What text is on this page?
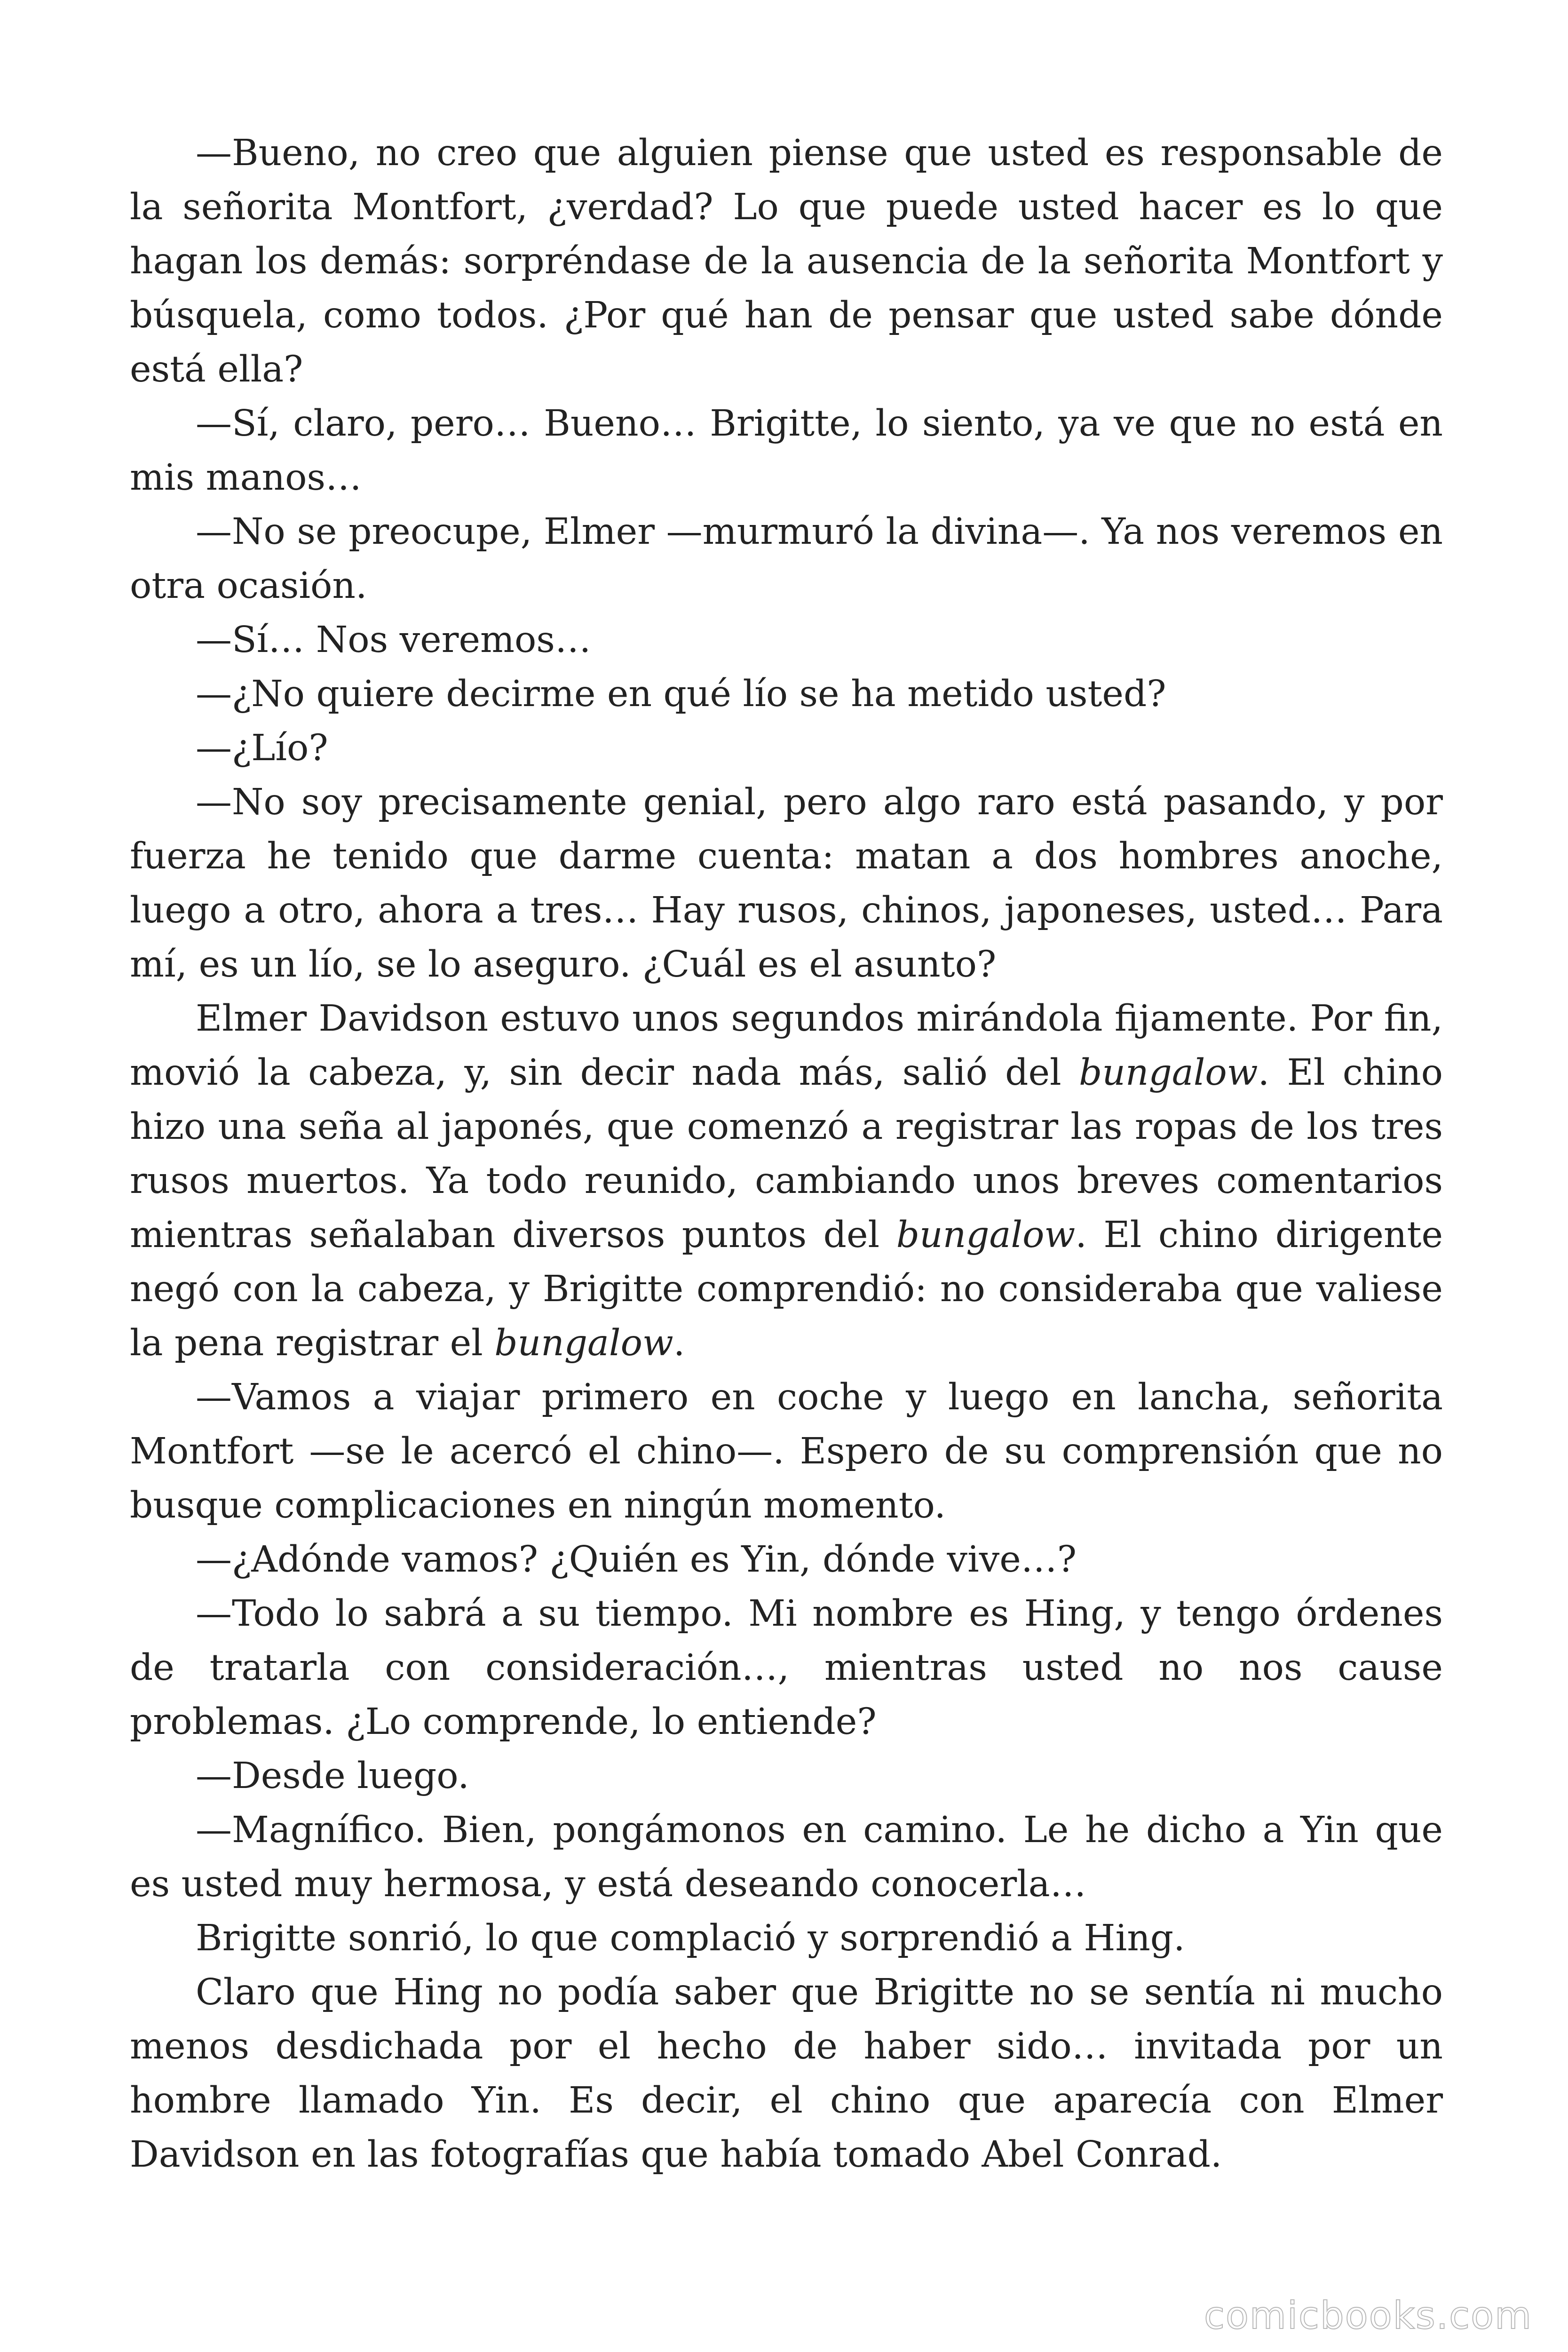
—Bueno, no creo que alguien piense que usted es responsable de la señorita Montfort, ¿verdad? Lo que puede usted hacer es lo que hagan los demás: sorpréndase de la ausencia de la señorita Montfort y búsquela, como todos. ¿Por qué han de pensar que usted sabe dónde está ella?

—Sí, claro, pero… Bueno… Brigitte, lo siento, ya ve que no está en mis manos…

—No se preocupe, Elmer —murmuró la divina—. Ya nos veremos en otra ocasión.

—Sí… Nos veremos…

—¿No quiere decirme en qué lío se ha metido usted?

—¿Lío?

—No soy precisamente genial, pero algo raro está pasando, y por fuerza he tenido que darme cuenta: matan a dos hombres anoche, luego a otro, ahora a tres… Hay rusos, chinos, japoneses, usted… Para mí, es un lío, se lo aseguro. ¿Cuál es el asunto?

Elmer Davidson estuvo unos segundos mirándola fijamente. Por fin, movió la cabeza, y, sin decir nada más, salió del bungalow. El chino hizo una seña al japonés, que comenzó a registrar las ropas de los tres rusos muertos. Ya todo reunido, cambiando unos breves comentarios mientras señalaban diversos puntos del bungalow. El chino dirigente negó con la cabeza, y Brigitte comprendió: no consideraba que valiese la pena registrar el bungalow.

—Vamos a viajar primero en coche y luego en lancha, señorita Montfort —se le acercó el chino—. Espero de su comprensión que no busque complicaciones en ningún momento.

—¿Adónde vamos? ¿Quién es Yin, dónde vive…?

—Todo lo sabrá a su tiempo. Mi nombre es Hing, y tengo órdenes de tratarla con consideración…, mientras usted no nos cause problemas. ¿Lo comprende, lo entiende?

—Desde luego.

—Magnífico. Bien, pongámonos en camino. Le he dicho a Yin que es usted muy hermosa, y está deseando conocerla…

Brigitte sonrió, lo que complació y sorprendió a Hing.

Claro que Hing no podía saber que Brigitte no se sentía ni mucho menos desdichada por el hecho de haber sido… invitada por un hombre llamado Yin. Es decir, el chino que aparecía con Elmer Davidson en las fotografías que había tomado Abel Conrad.

comicbooks.com
